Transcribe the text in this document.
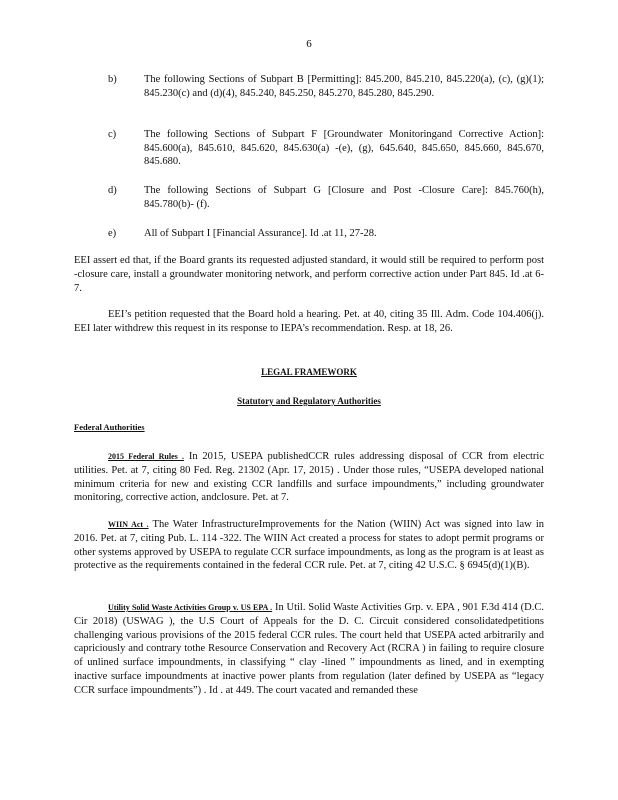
6
b)	The following Sections of Subpart B [Permitting]: 845.200, 845.210, 845.220(a), (c), (g)(1); 845.230(c) and (d)(4), 845.240, 845.250, 845.270, 845.280, 845.290.
c)	The following Sections of Subpart F [Groundwater Monitoringand Corrective Action]: 845.600(a), 845.610, 845.620, 845.630(a) -(e), (g), 645.640, 845.650, 845.660, 845.670, 845.680.
d)	The following Sections of Subpart G [Closure and Post -Closure Care]: 845.760(h), 845.780(b)- (f).
e)	All of Subpart I [Financial Assurance]. Id .at 11, 27-28.

EEI assert ed that, if the Board grants its requested adjusted standard, it would still be required to perform post -closure care, install a groundwater monitoring network, and perform corrective action under Part 845. Id .at 6-7.

EEI’s petition requested that the Board hold a hearing. Pet. at 40, citing 35 Ill. Adm. Code 104.406(j). EEI later withdrew this request in its response to IEPA’s recommendation. Resp. at 18, 26.

LEGAL FRAMEWORK
Statutory and Regulatory Authorities
Federal Authorities

2015 Federal Rules . In 2015, USEPA publishedCCR rules addressing disposal of CCR from electric utilities. Pet. at 7, citing 80 Fed. Reg. 21302 (Apr. 17, 2015) . Under those rules, “USEPA developed national minimum criteria for new and existing CCR landfills and surface impoundments,” including groundwater monitoring, corrective action, andclosure. Pet. at 7.

WIIN Act . The Water InfrastructureImprovements for the Nation (WIIN) Act was signed into law in 2016. Pet. at 7, citing Pub. L. 114 -322. The WIIN Act created a process for states to adopt permit programs or other systems approved by USEPA to regulate CCR surface impoundments, as long as the program is at least as protective as the requirements contained in the federal CCR rule. Pet. at 7, citing 42 U.S.C. § 6945(d)(1)(B).

Utility Solid Waste Activities Group v. US EPA . In Util. Solid Waste Activities Grp. v. EPA , 901 F.3d 414 (D.C. Cir 2018) (USWAG ), the U.S Court of Appeals for the D. C. Circuit considered consolidatedpetitions challenging various provisions of the 2015 federal CCR rules. The court held that USEPA acted arbitrarily and capriciously and contrary tothe Resource Conservation and Recovery Act (RCRA ) in failing to require closure of unlined surface impoundments, in classifying “ clay -lined ” impoundments as lined, and in exempting inactive surface impoundments at inactive power plants from regulation (later defined by USEPA as “legacy CCR surface impoundments”) . Id . at 449. The court vacated and remanded these
